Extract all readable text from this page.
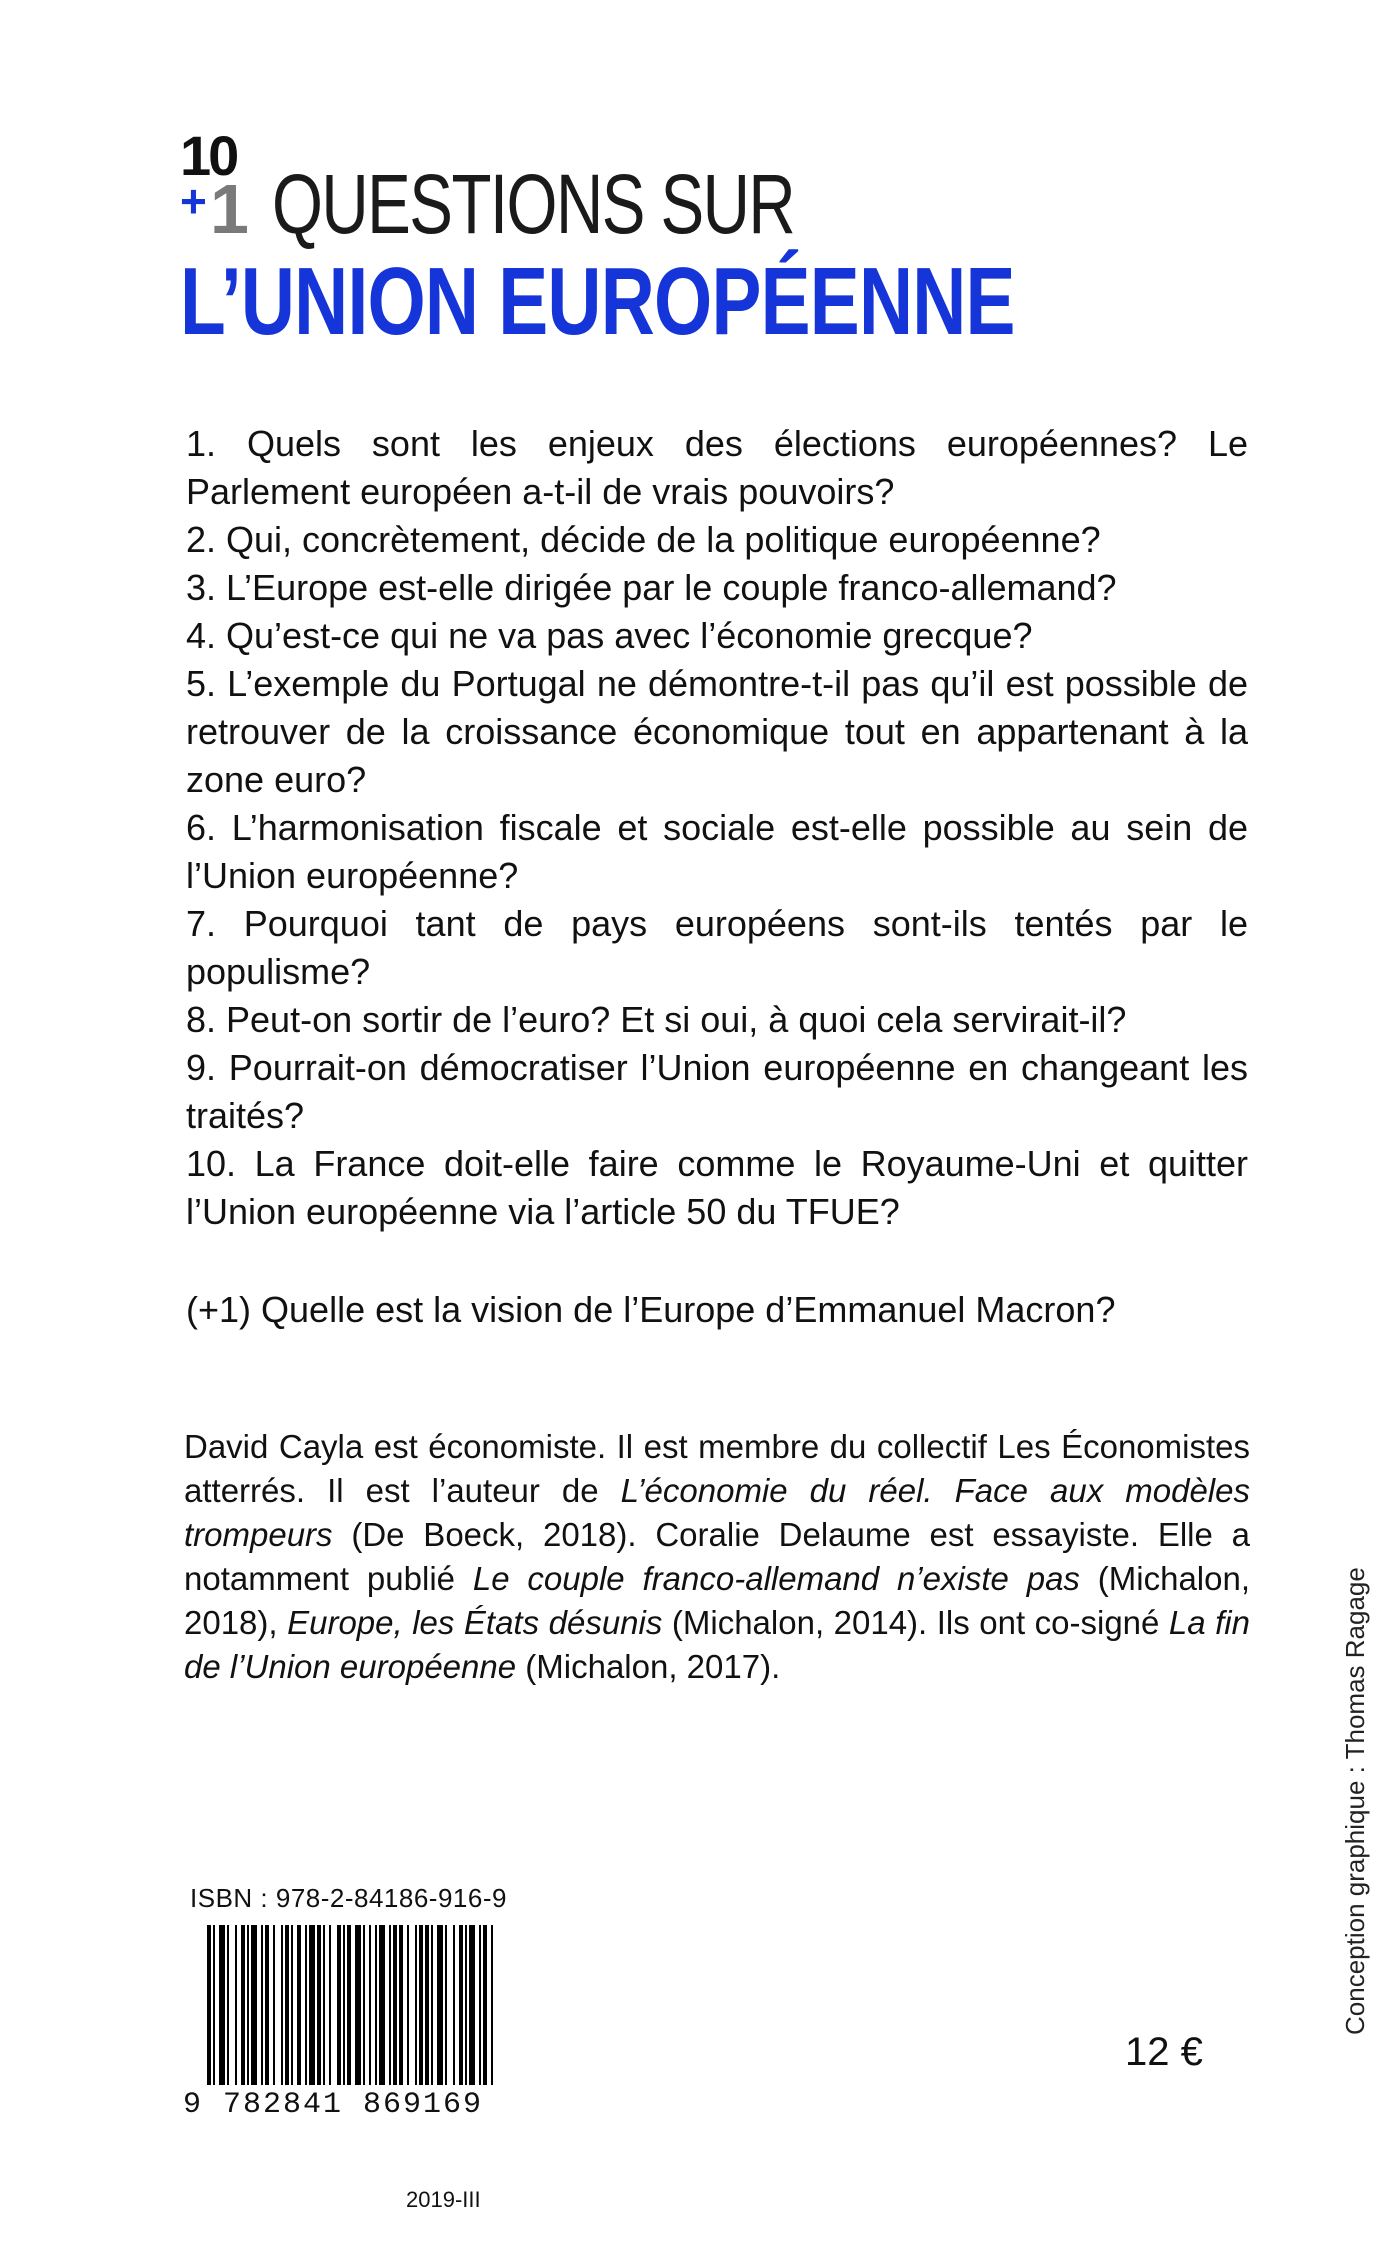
10
+ 1 QUESTIONS SUR
L’UNION EUROPÉENNE

1. Quels sont les enjeux des élections européennes? Le Parlement européen a-t-il de vrais pouvoirs?

2. Qui, concrètement, décide de la politique européenne?

3. L’Europe est-elle dirigée par le couple franco-allemand?

4. Qu’est-ce qui ne va pas avec l’économie grecque?

5. L’exemple du Portugal ne démontre-t-il pas qu’il est possible de retrouver de la croissance économique tout en appartenant à la zone euro?

6. L’harmonisation fiscale et sociale est-elle possible au sein de l’Union européenne?

7. Pourquoi tant de pays européens sont-ils tentés par le populisme?

8. Peut-on sortir de l’euro? Et si oui, à quoi cela servirait-il?

9. Pourrait-on démocratiser l’Union européenne en changeant les traités?

10. La France doit-elle faire comme le Royaume-Uni et quitter l’Union européenne via l’article 50 du TFUE?

(+1) Quelle est la vision de l’Europe d’Emmanuel Macron?

David Cayla est économiste. Il est membre du collectif Les Économistes atterrés. Il est l’auteur de L’économie du réel. Face aux modèles trompeurs (De Boeck, 2018). Coralie Delaume est essayiste. Elle a notamment publié Le couple franco-allemand n’existe pas (Michalon, 2018), Europe, les États désunis (Michalon, 2014). Ils ont co-signé La fin de l’Union européenne (Michalon, 2017).	Conception graphique : Thomas Ragage
ISBN : 978-2-84186-916-9
9 782841 869169
12 €
2019-III
